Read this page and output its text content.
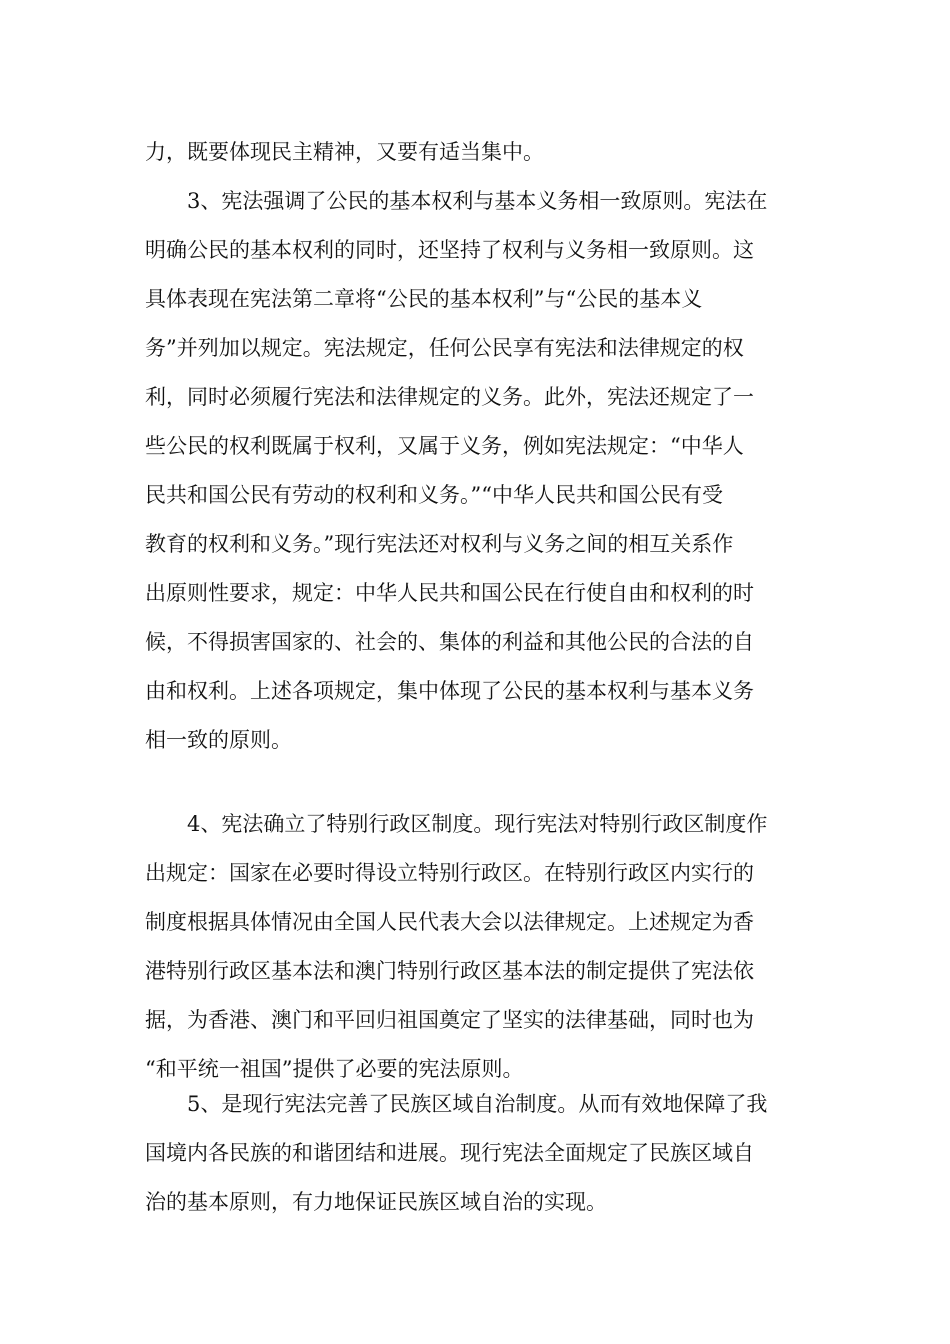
力，既要体现民主精神，又要有适当集中。
3、宪法强调了公民的基本权利与基本义务相一致原则。宪法在
明确公民的基本权利的同时，还坚持了权利与义务相一致原则。这
具体表现在宪法第二章将“公民的基本权利”与“公民的基本义
务”并列加以规定。宪法规定，任何公民享有宪法和法律规定的权
利，同时必须履行宪法和法律规定的义务。此外，宪法还规定了一
些公民的权利既属于权利，又属于义务，例如宪法规定：“中华人
民共和国公民有劳动的权利和义务。”“中华人民共和国公民有受
教育的权利和义务。”现行宪法还对权利与义务之间的相互关系作
出原则性要求，规定：中华人民共和国公民在行使自由和权利的时
候，不得损害国家的、社会的、集体的利益和其他公民的合法的自
由和权利。上述各项规定，集中体现了公民的基本权利与基本义务
相一致的原则。
4、宪法确立了特别行政区制度。现行宪法对特别行政区制度作
出规定：国家在必要时得设立特别行政区。在特别行政区内实行的
制度根据具体情况由全国人民代表大会以法律规定。上述规定为香
港特别行政区基本法和澳门特别行政区基本法的制定提供了宪法依
据，为香港、澳门和平回归祖国奠定了坚实的法律基础，同时也为
“和平统一祖国”提供了必要的宪法原则。
5、是现行宪法完善了民族区域自治制度。从而有效地保障了我
国境内各民族的和谐团结和进展。现行宪法全面规定了民族区域自
治的基本原则，有力地保证民族区域自治的实现。
